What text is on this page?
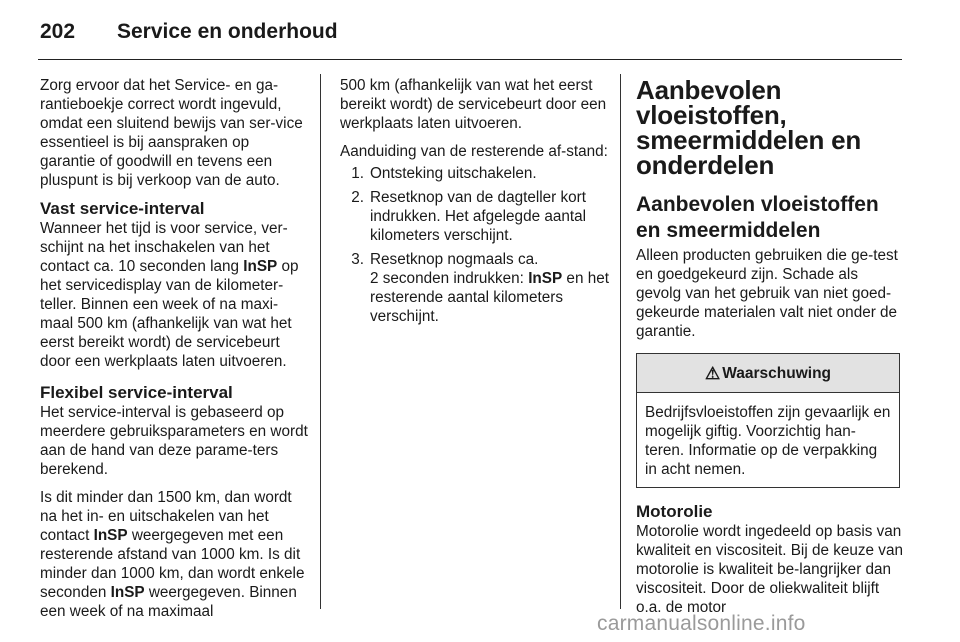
202	Service en onderhoud

Zorg ervoor dat het Service- en ga-rantieboekje correct wordt ingevuld, omdat een sluitend bewijs van ser-vice essentieel is bij aanspraken op garantie of goodwill en tevens een pluspunt is bij verkoop van de auto.

Vast service-interval

Wanneer het tijd is voor service, ver-schijnt na het inschakelen van het contact ca. 10 seconden lang InSP op het servicedisplay van de kilometer-teller. Binnen een week of na maxi-maal 500 km (afhankelijk van wat het eerst bereikt wordt) de servicebeurt door een werkplaats laten uitvoeren.

Flexibel service-interval

Het service-interval is gebaseerd op meerdere gebruiksparameters en wordt aan de hand van deze parame-ters berekend.

Is dit minder dan 1500 km, dan wordt na het in- en uitschakelen van het contact InSP weergegeven met een resterende afstand van 1000 km. Is dit minder dan 1000 km, dan wordt enkele seconden InSP weergegeven. Binnen een week of na maximaal

500 km (afhankelijk van wat het eerst bereikt wordt) de servicebeurt door een werkplaats laten uitvoeren.

Aanduiding van de resterende af-stand:

1. Ontsteking uitschakelen.
2. Resetknop van de dagteller kort indrukken. Het afgelegde aantal kilometers verschijnt.
3. Resetknop nogmaals ca.
2 seconden indrukken: InSP en het resterende aantal kilometers verschijnt.
Aanbevolen vloeistoffen, smeermiddelen en onderdelen
Aanbevolen vloeistoffen en smeermiddelen

Alleen producten gebruiken die ge-test en goedgekeurd zijn. Schade als gevolg van het gebruik van niet goed-gekeurde materialen valt niet onder de garantie.

⚠ Waarschuwing
Bedrijfsvloeistoffen zijn gevaarlijk en mogelijk giftig. Voorzichtig han-teren. Informatie op de verpakking in acht nemen.
Motorolie

Motorolie wordt ingedeeld op basis van kwaliteit en viscositeit. Bij de keuze van motorolie is kwaliteit be-langrijker dan viscositeit. Door de oliekwaliteit blijft o.a. de motor

carmanualsonline.info
